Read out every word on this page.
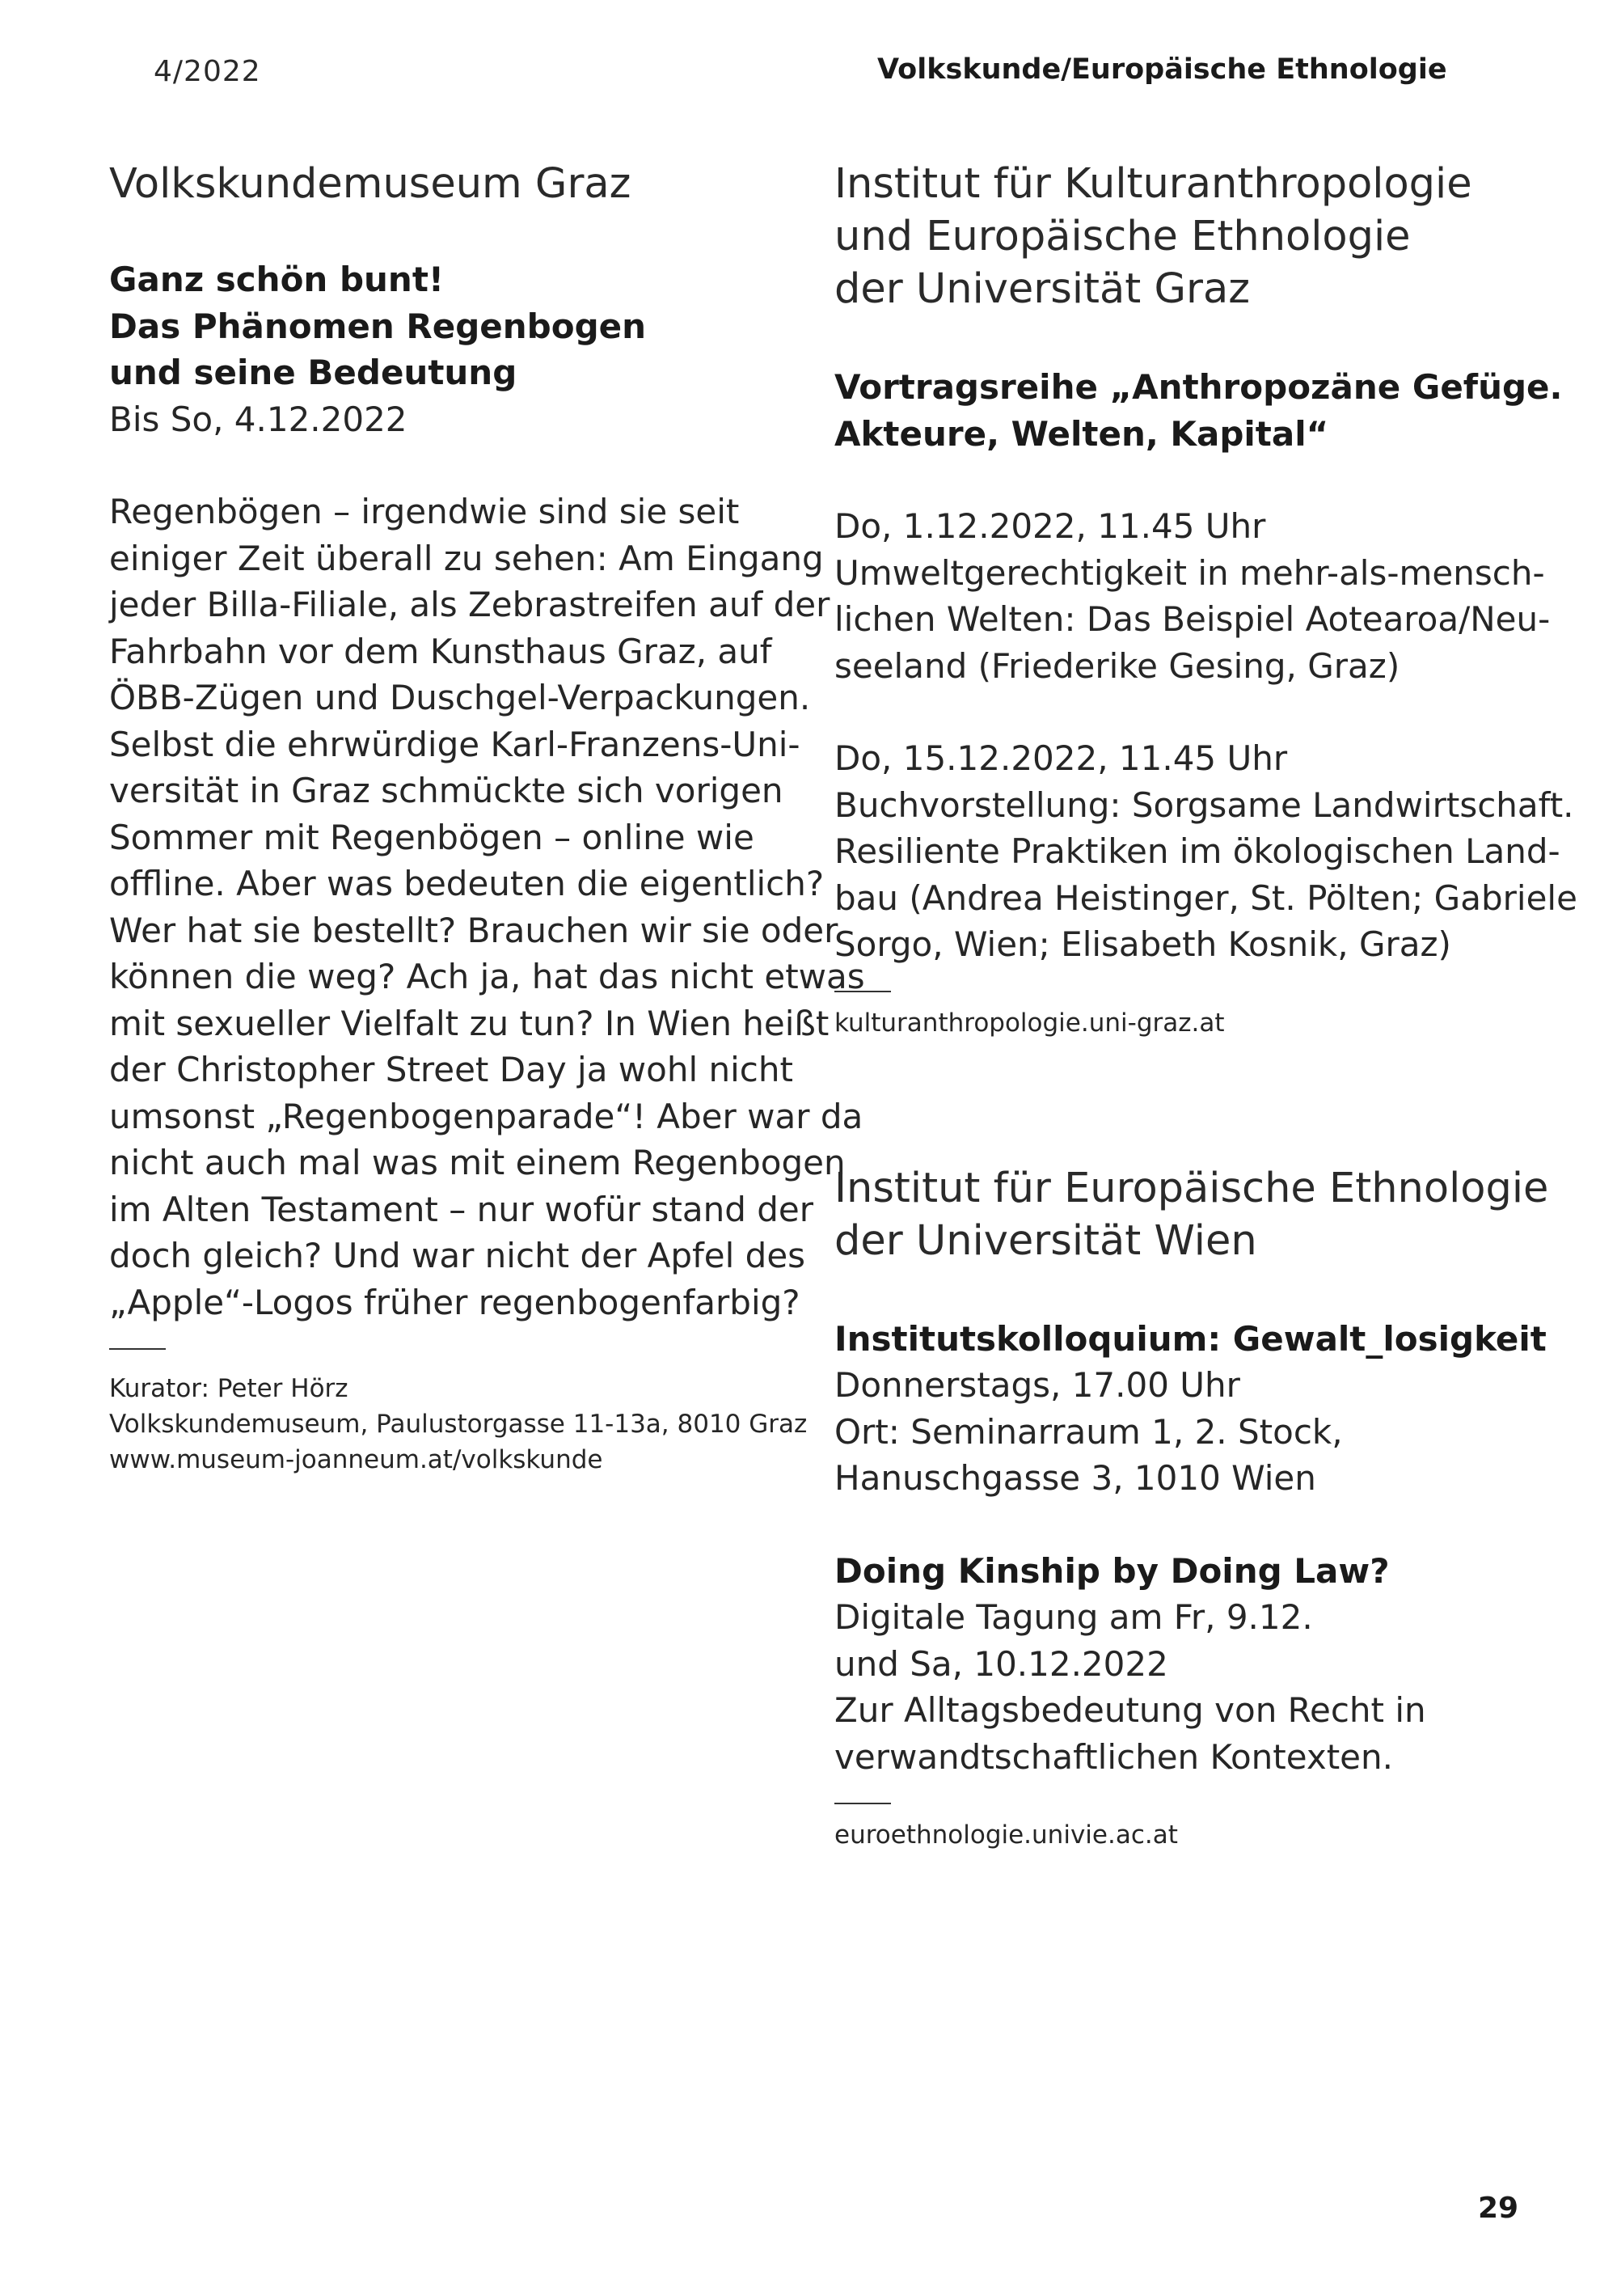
4/2022	Volkskunde/Europäische Ethnologie
Volkskundemuseum Graz
Ganz schön bunt!
Das Phänomen Regenbogen
und seine Bedeutung
Bis So, 4.12.2022
Regenbögen – irgendwie sind sie seit
einiger Zeit überall zu sehen: Am Eingang
jeder Billa-Filiale, als Zebrastreifen auf der
Fahrbahn vor dem Kunsthaus Graz, auf
ÖBB-Zügen und Duschgel-Verpackungen.
Selbst die ehrwürdige Karl-Franzens-Uni-
versität in Graz schmückte sich vorigen
Sommer mit Regenbögen – online wie
offline. Aber was bedeuten die eigentlich?
Wer hat sie bestellt? Brauchen wir sie oder
können die weg? Ach ja, hat das nicht etwas
mit sexueller Vielfalt zu tun? In Wien heißt
der Christopher Street Day ja wohl nicht
umsonst „Regenbogenparade“! Aber war da
nicht auch mal was mit einem Regenbogen
im Alten Testament – nur wofür stand der
doch gleich? Und war nicht der Apfel des
„Apple“-Logos früher regenbogenfarbig?
Kurator: Peter Hörz
Volkskundemuseum, Paulustorgasse 11-13a, 8010 Graz
www.museum-joanneum.at/volkskunde
Institut für Kulturanthropologie
und Europäische Ethnologie
der Universität Graz
Vortragsreihe „Anthropozäne Gefüge.
Akteure, Welten, Kapital“
Do, 1.12.2022, 11.45 Uhr
Umweltgerechtigkeit in mehr-als-mensch-
lichen Welten: Das Beispiel Aotearoa/Neu-
seeland (Friederike Gesing, Graz)
Do, 15.12.2022, 11.45 Uhr
Buchvorstellung: Sorgsame Landwirtschaft.
Resiliente Praktiken im ökologischen Land-
bau (Andrea Heistinger, St. Pölten; Gabriele
Sorgo, Wien; Elisabeth Kosnik, Graz)
kulturanthropologie.uni-graz.at
Institut für Europäische Ethnologie
der Universität Wien
Institutskolloquium: Gewalt_losigkeit
Donnerstags, 17.00 Uhr
Ort: Seminarraum 1, 2. Stock,
Hanuschgasse 3, 1010 Wien
Doing Kinship by Doing Law?
Digitale Tagung am Fr, 9.12.
und Sa, 10.12.2022
Zur Alltagsbedeutung von Recht in
verwandtschaftlichen Kontexten.
euroethnologie.univie.ac.at
29
